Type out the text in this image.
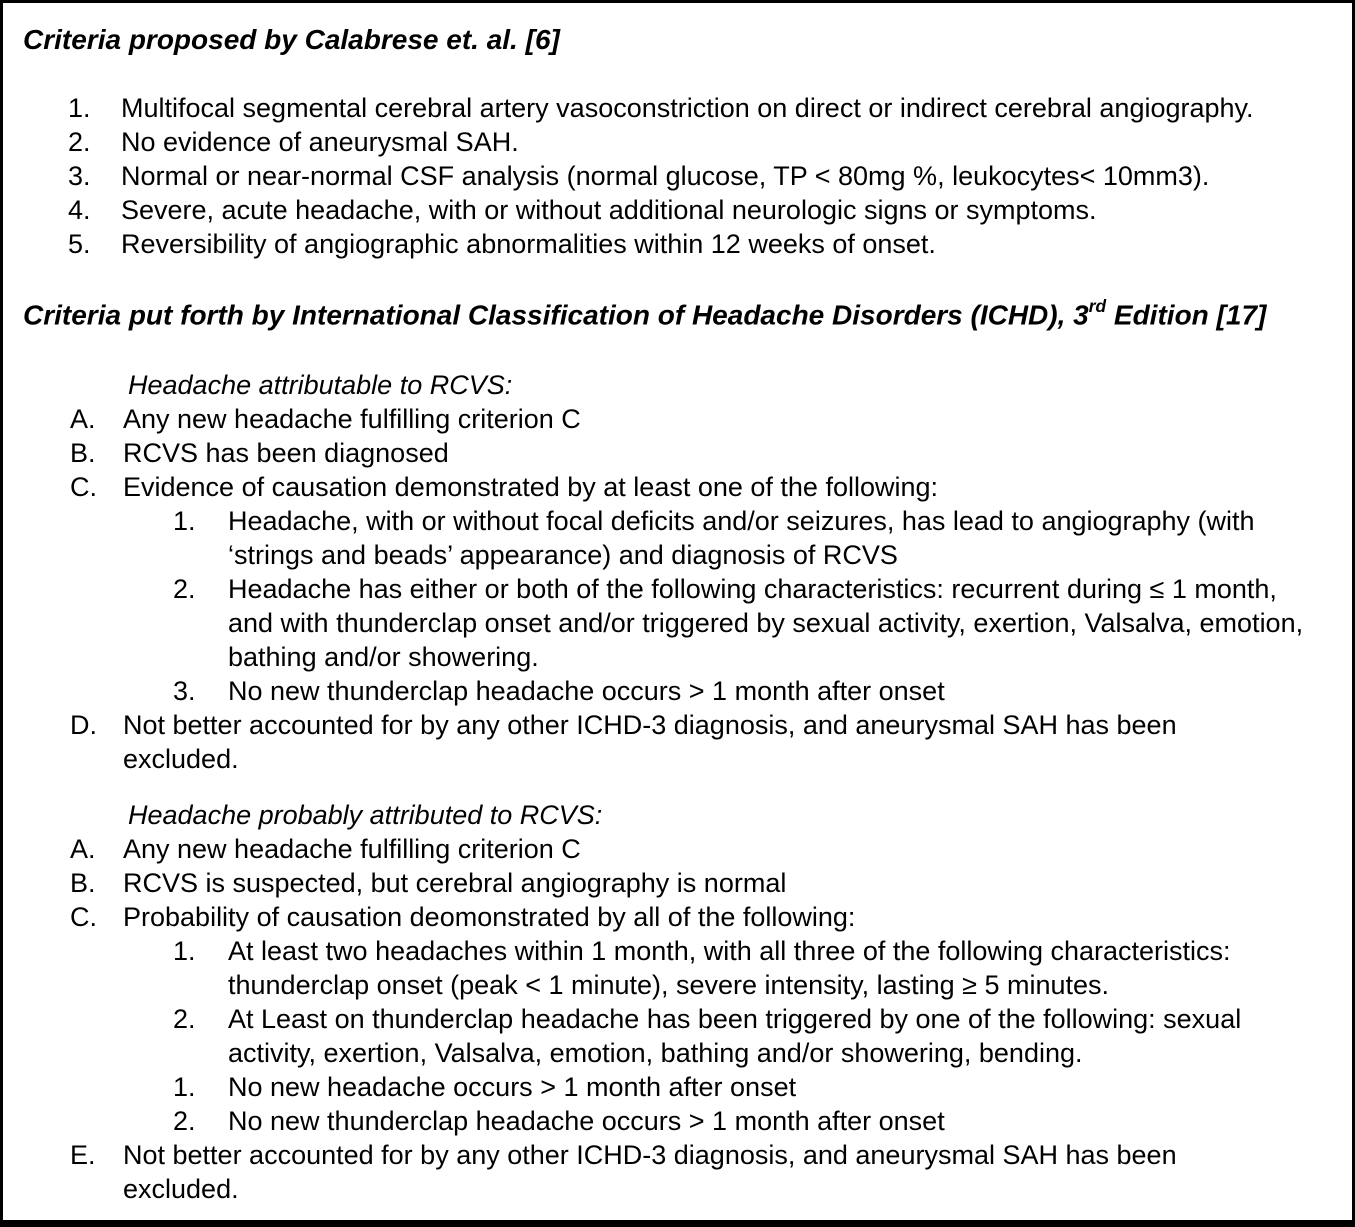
Criteria proposed by Calabrese et. al. [6]
1.	Multifocal segmental cerebral artery vasoconstriction on direct or indirect cerebral angiography.
2.	No evidence of aneurysmal SAH.
3.	Normal or near-normal CSF analysis (normal glucose, TP < 80mg %, leukocytes< 10mm3).
4.	Severe, acute headache, with or without additional neurologic signs or symptoms.
5.	Reversibility of angiographic abnormalities within 12 weeks of onset.
Criteria put forth by International Classification of Headache Disorders (ICHD), 3rd Edition [17]
Headache attributable to RCVS:
A.	Any new headache fulfilling criterion C
B.	RCVS has been diagnosed
C. Evidence of causation demonstrated by at least one of the following:
1.	Headache, with or without focal deficits and/or seizures, has lead to angiography (with ‘strings and beads’ appearance) and diagnosis of RCVS
2.	Headache has either or both of the following characteristics: recurrent during ≤ 1 month, and with thunderclap onset and/or triggered by sexual activity, exertion, Valsalva, emotion, bathing and/or showering.
3.	No new thunderclap headache occurs > 1 month after onset
D. Not better accounted for by any other ICHD-3 diagnosis, and aneurysmal SAH has been excluded.
Headache probably attributed to RCVS:
A.	Any new headache fulfilling criterion C
B.	RCVS is suspected, but cerebral angiography is normal
C. Probability of causation deomonstrated by all of the following:
1.	At least two headaches within 1 month, with all three of the following characteristics: thunderclap onset (peak < 1 minute), severe intensity, lasting ≥ 5 minutes.
2.	At Least on thunderclap headache has been triggered by one of the following: sexual activity, exertion, Valsalva, emotion, bathing and/or showering, bending.
1.	No new headache occurs > 1 month after onset
2.	No new thunderclap headache occurs > 1 month after onset
E.	Not better accounted for by any other ICHD-3 diagnosis, and aneurysmal SAH has been excluded.
